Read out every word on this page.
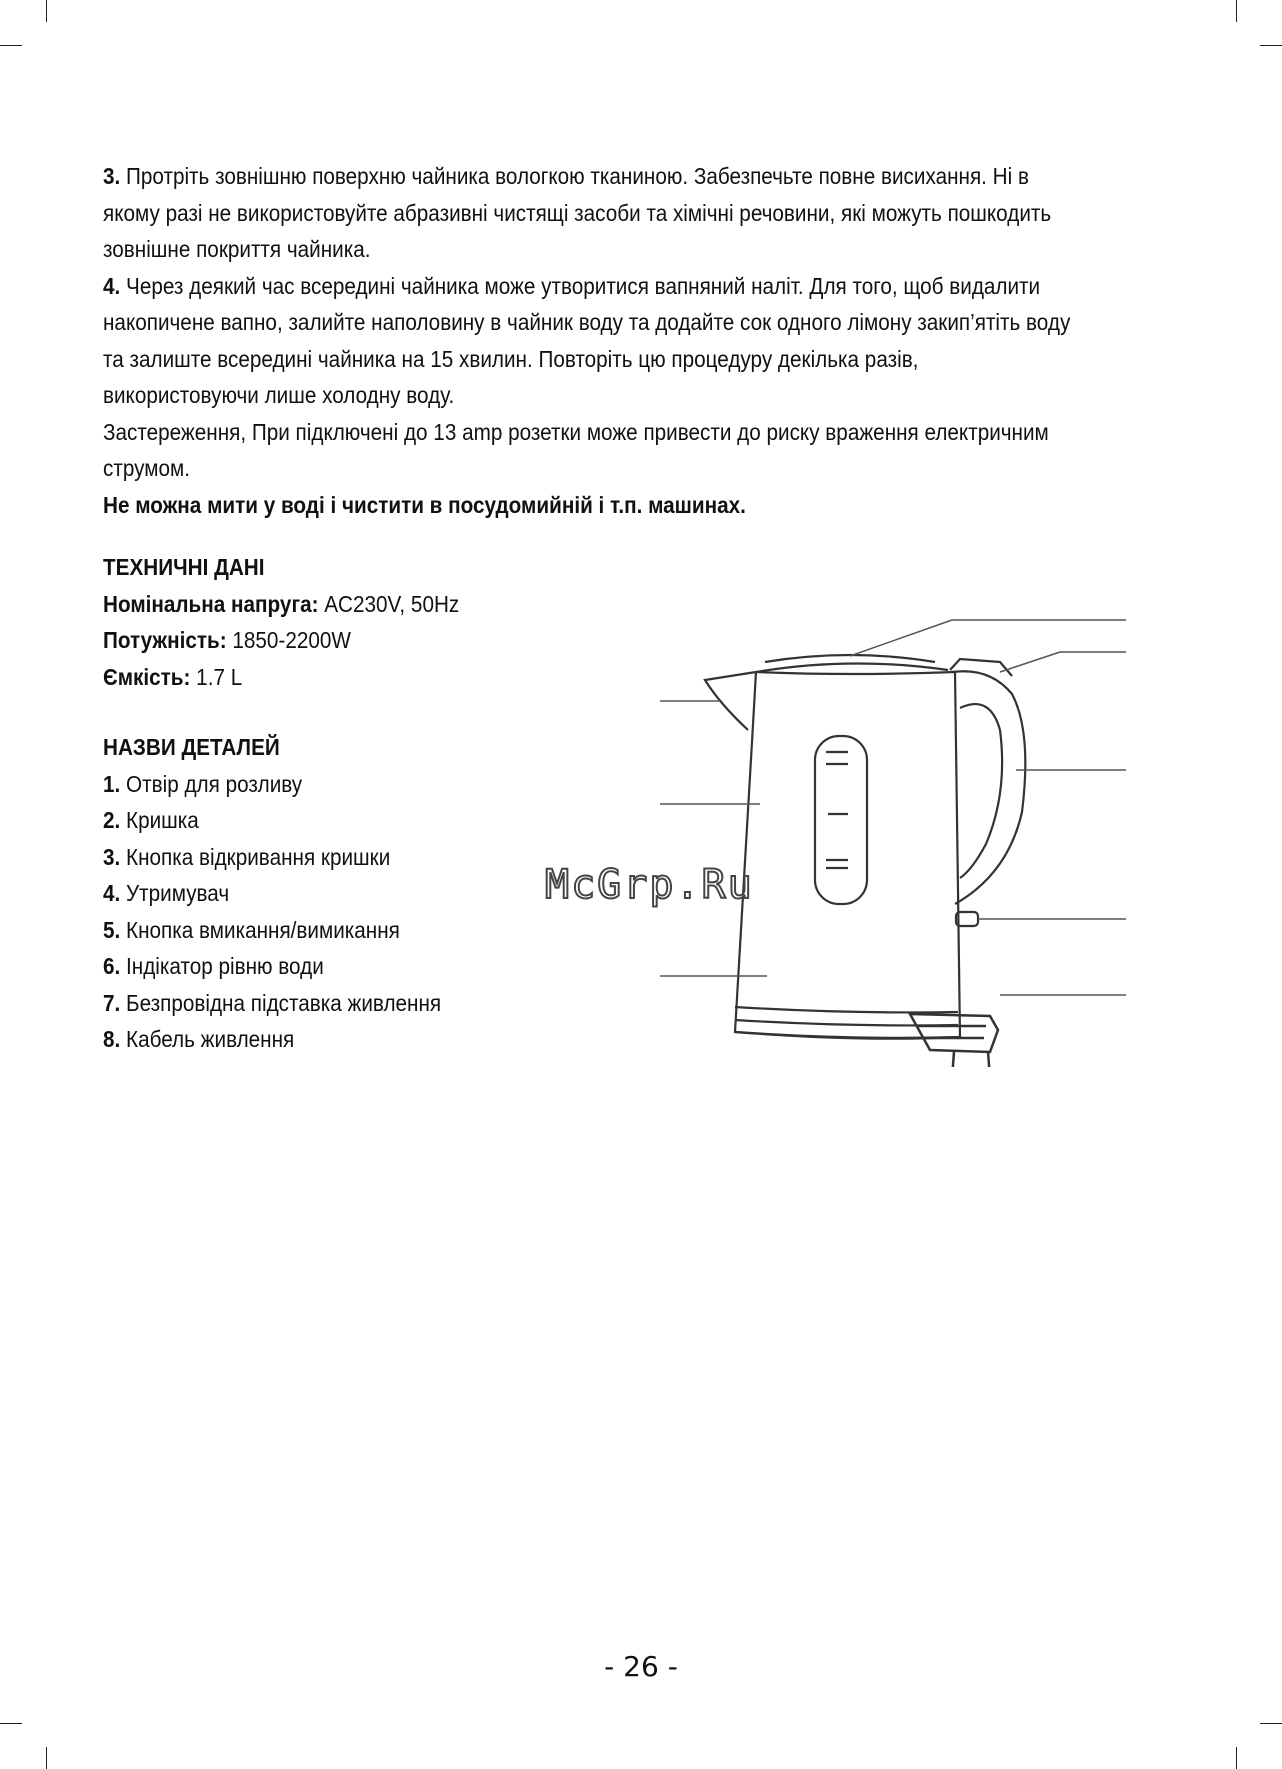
3. Протріть зовнішню поверхню чайника вологкою тканиною. Забезпечьте повне висихання. Ні в якому разі не використовуйте абразивні чистящі засоби та хімічні речовини, які можуть пошкодить зовнішне покриття чайника.

4. Через деякий час всередині чайника може утворитися вапняний наліт. Для того, щоб видалити накопичене вапно, залийте наполовину в чайник воду та додайте сок одного лімону закип’ятіть воду та залиште всередині чайника на 15 хвилин. Повторіть цю процедуру декілька разів, використовуючи лише холодну воду.

Застереження, При підключені до 13 amp розетки може привести до риску враження електричним струмом.

Не можна мити у воді і чистити в посудомийній і т.п. машинах.

ТЕХНИЧНІ ДАНІ

Номінальна напруга: AC230V, 50Hz

Потужність: 1850-2200W

Ємкість: 1.7 L

НАЗВИ ДЕТАЛЕЙ

1. Отвір для розливу

2. Кришка

3. Кнопка відкривання кришки

4. Утримувач

5. Кнопка вмикання/вимикання

6. Індікатор рівню води

7. Безпровідна підставка живлення

8. Кабель живлення

McGrp.Ru
- 26 -
